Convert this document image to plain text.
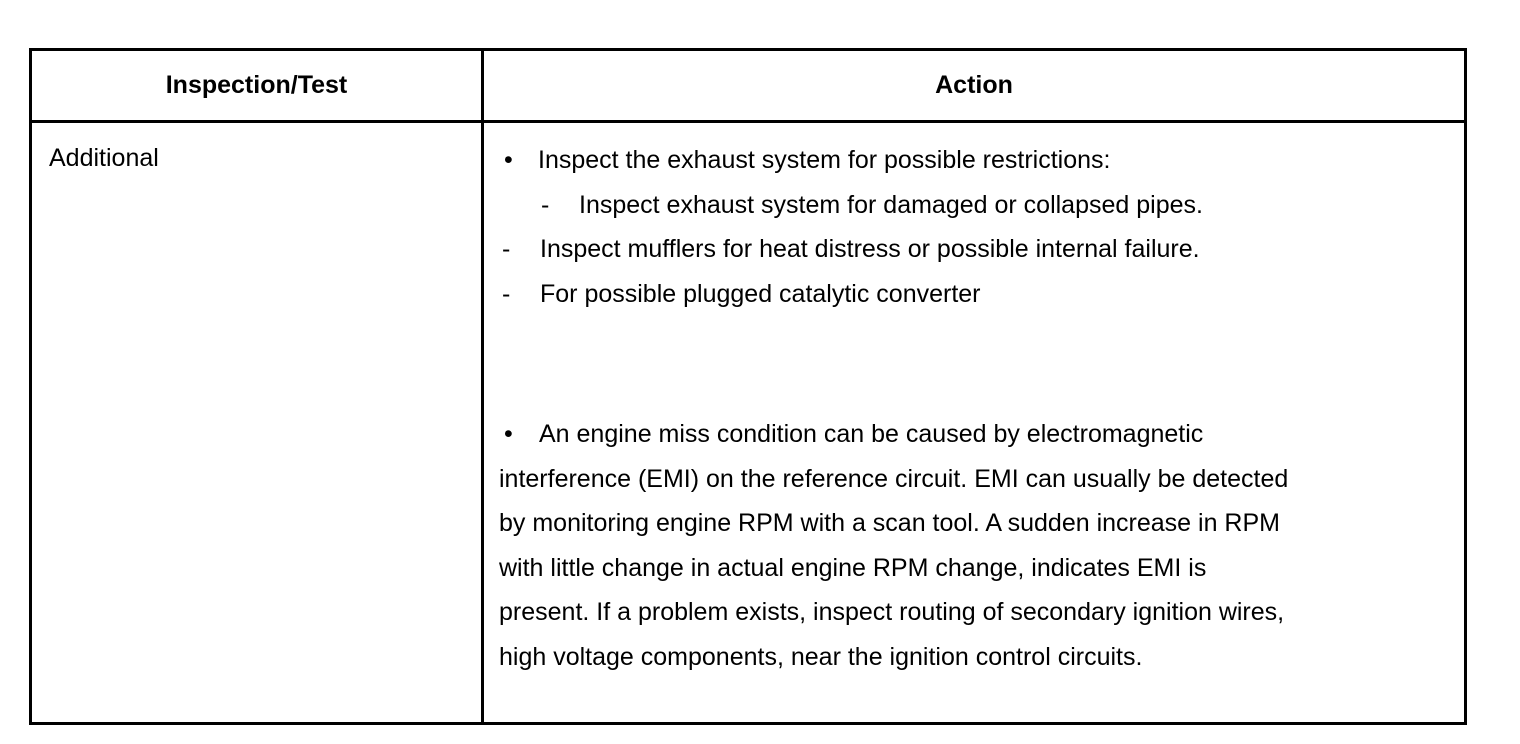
Inspection/Test	Action
Additional	• Inspect the exhaust system for possible restrictions:
- Inspect exhaust system for damaged or collapsed pipes.
- Inspect mufflers for heat distress or possible internal failure.
- For possible plugged catalytic converter
• An engine miss condition can be caused by electromagnetic
interference (EMI) on the reference circuit. EMI can usually be detected
by monitoring engine RPM with a scan tool. A sudden increase in RPM
with little change in actual engine RPM change, indicates EMI is
present. If a problem exists, inspect routing of secondary ignition wires,
high voltage components, near the ignition control circuits.
